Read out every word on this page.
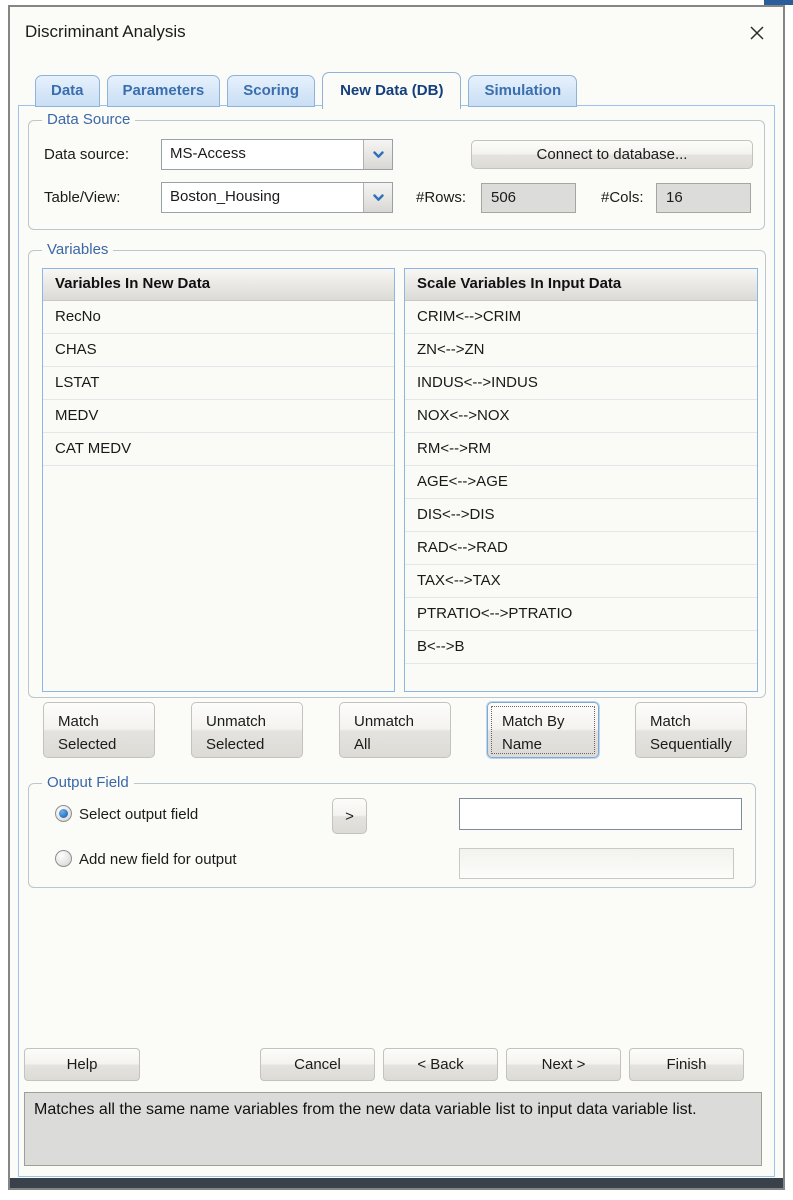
Discriminant Analysis
Data	Parameters	Scoring	New Data (DB)	Simulation
Data Source
Data source:	MS-Access	Connect to database...
Table/View:	Boston_Housing	#Rows:	506	#Cols:	16
Variables
Variables In New Data
RecNo
CHAS
LSTAT
MEDV
CAT MEDV
Scale Variables In Input Data
CRIM<-->CRIM
ZN<-->ZN
INDUS<-->INDUS
NOX<-->NOX
RM<-->RM
AGE<-->AGE
DIS<-->DIS
RAD<-->RAD
TAX<-->TAX
PTRATIO<-->PTRATIO
B<-->B
Match
Selected
Unmatch
Selected
Unmatch
All
Match By
Name
Match
Sequentially
Output Field
Select output field	>
Add new field for output
Help	Cancel	< Back	Next >	Finish
Matches all the same name variables from the new data variable list to input data variable list.
